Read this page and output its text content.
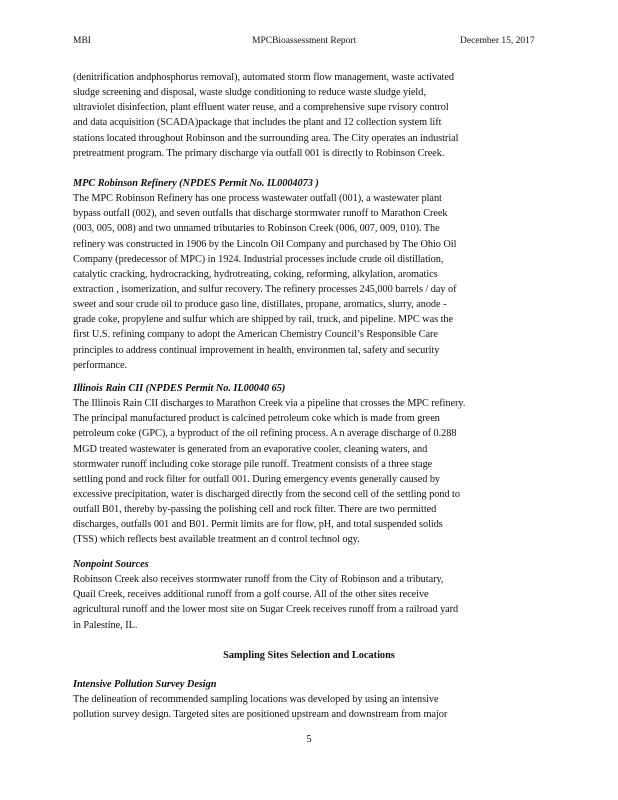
MBI	MPCBioassessment Report	December 15, 2017
(denitrification andphosphorus removal), automated storm flow management, waste activated
sludge screening and disposal, waste sludge conditioning to reduce waste sludge yield,
ultraviolet disinfection, plant effluent water reuse, and a comprehensive supe rvisory control
and data acquisition (SCADA)package that includes the plant and 12 collection system lift
stations located throughout Robinson and the surrounding area. The City operates an industrial
pretreatment program. The primary discharge via outfall 001 is directly to Robinson Creek.
MPC Robinson Refinery (NPDES Permit No. IL0004073 )
The MPC Robinson Refinery has one process wastewater outfall (001), a wastewater plant
bypass outfall (002), and seven outfalls that discharge stormwater runoff to Marathon Creek
(003, 005, 008) and two unnamed tributaries to Robinson Creek (006, 007, 009, 010). The
refinery was constructed in 1906 by the Lincoln Oil Company and purchased by The Ohio Oil
Company (predecessor of MPC) in 1924. Industrial processes include crude oil distillation,
catalytic cracking, hydrocracking, hydrotreating, coking, reforming, alkylation, aromatics
extraction , isomerization, and sulfur recovery. The refinery processes 245,000 barrels / day of
sweet and sour crude oil to produce gaso line, distillates, propane, aromatics, slurry, anode -
grade coke, propylene and sulfur which are shipped by rail, truck, and pipeline. MPC was the
first U.S. refining company to adopt the American Chemistry Council’s Responsible Care
principles to address continual improvement in health, environmen tal, safety and security
performance.
Illinois Rain CII (NPDES Permit No. IL00040 65)
The Illinois Rain CII discharges to Marathon Creek via a pipeline that crosses the MPC refinery.
The principal manufactured product is calcined petroleum coke which is made from green
petroleum coke (GPC), a byproduct of the oil refining process. A n average discharge of 0.288
MGD treated wastewater is generated from an evaporative cooler, cleaning waters, and
stormwater runoff including coke storage pile runoff. Treatment consists of a three stage
settling pond and rock filter for outfall 001. During emergency events generally caused by
excessive precipitation, water is discharged directly from the second cell of the settling pond to
outfall B01, thereby by-passing the polishing cell and rock filter. There are two permitted
discharges, outfalls 001 and B01. Permit limits are for flow, pH, and total suspended solids
(TSS) which reflects best available treatment an d control technol ogy.
Nonpoint Sources
Robinson Creek also receives stormwater runoff from the City of Robinson and a tributary,
Quail Creek, receives additional runoff from a golf course. All of the other sites receive
agricultural runoff and the lower most site on Sugar Creek receives runoff from a railroad yard
in Palestine, IL.
Sampling Sites Selection and Locations
Intensive Pollution Survey Design
The delineation of recommended sampling locations was developed by using an intensive
pollution survey design. Targeted sites are positioned upstream and downstream from major
5
